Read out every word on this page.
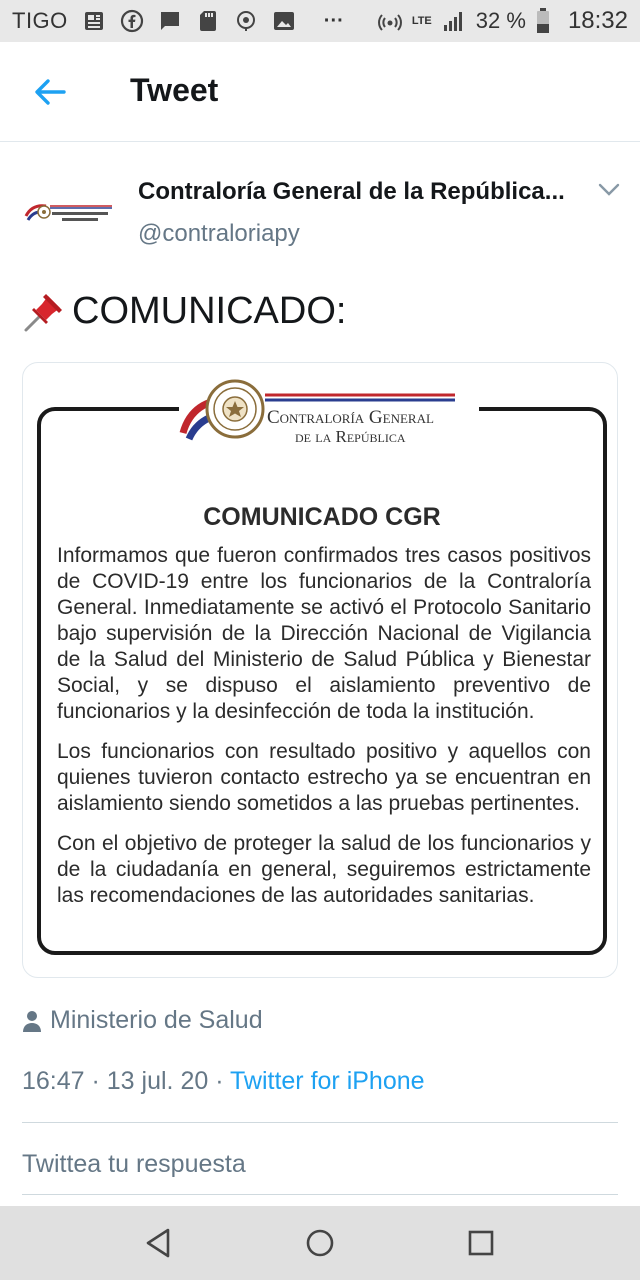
TIGO	···	LTE 32 % 18:32
Tweet
Contraloría General de la República...
@contraloriapy
COMUNICADO:
COMUNICADO CGR

Informamos que fueron confirmados tres casos positivos de COVID-19 entre los funcionarios de la Contraloría General. Inmediatamente se activó el Protocolo Sanitario bajo supervisión de la Dirección Nacional de Vigilancia de la Salud del Ministerio de Salud Pública y Bienestar Social, y se dispuso el aislamiento preventivo de funcionarios y la desinfección de toda la institución.

Los funcionarios con resultado positivo y aquellos con quienes tuvieron contacto estrecho ya se encuentran en aislamiento siendo sometidos a las pruebas pertinentes.

Con el objetivo de proteger la salud de los funcionarios y de la ciudadanía en general, seguiremos estrictamente las recomendaciones de las autoridades sanitarias.

Contraloría General
de la República
Ministerio de Salud
16:47 · 13 jul. 20 · Twitter for iPhone
Twittea tu respuesta
